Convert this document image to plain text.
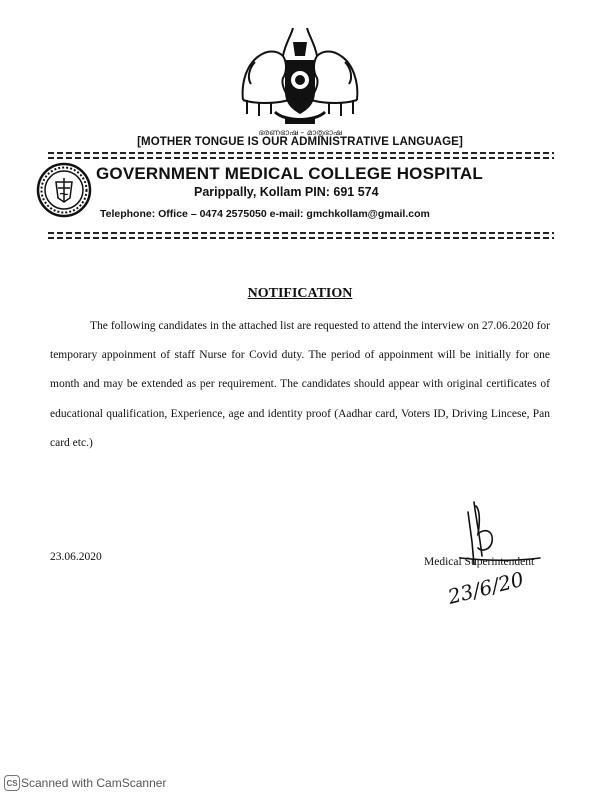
ഭരണഭാഷ – മാതൃഭാഷ
[MOTHER TONGUE IS OUR ADMINISTRATIVE LANGUAGE]
GOVERNMENT MEDICAL COLLEGE HOSPITAL
Parippally, Kollam PIN: 691 574
Telephone: Office – 0474 2575050 e-mail: gmchkollam@gmail.com
NOTIFICATION
The following candidates in the attached list are requested to attend the interview on 27.06.2020 for temporary appoinment of staff Nurse for Covid duty. The period of appoinment will be initially for one month and may be extended as per requirement. The candidates should appear with original certificates of educational qualification, Experience, age and identity proof (Aadhar card, Voters ID, Driving Lincese, Pan card etc.)
23.06.2020
23/6/20
Medical Superintendent
CS Scanned with CamScanner
